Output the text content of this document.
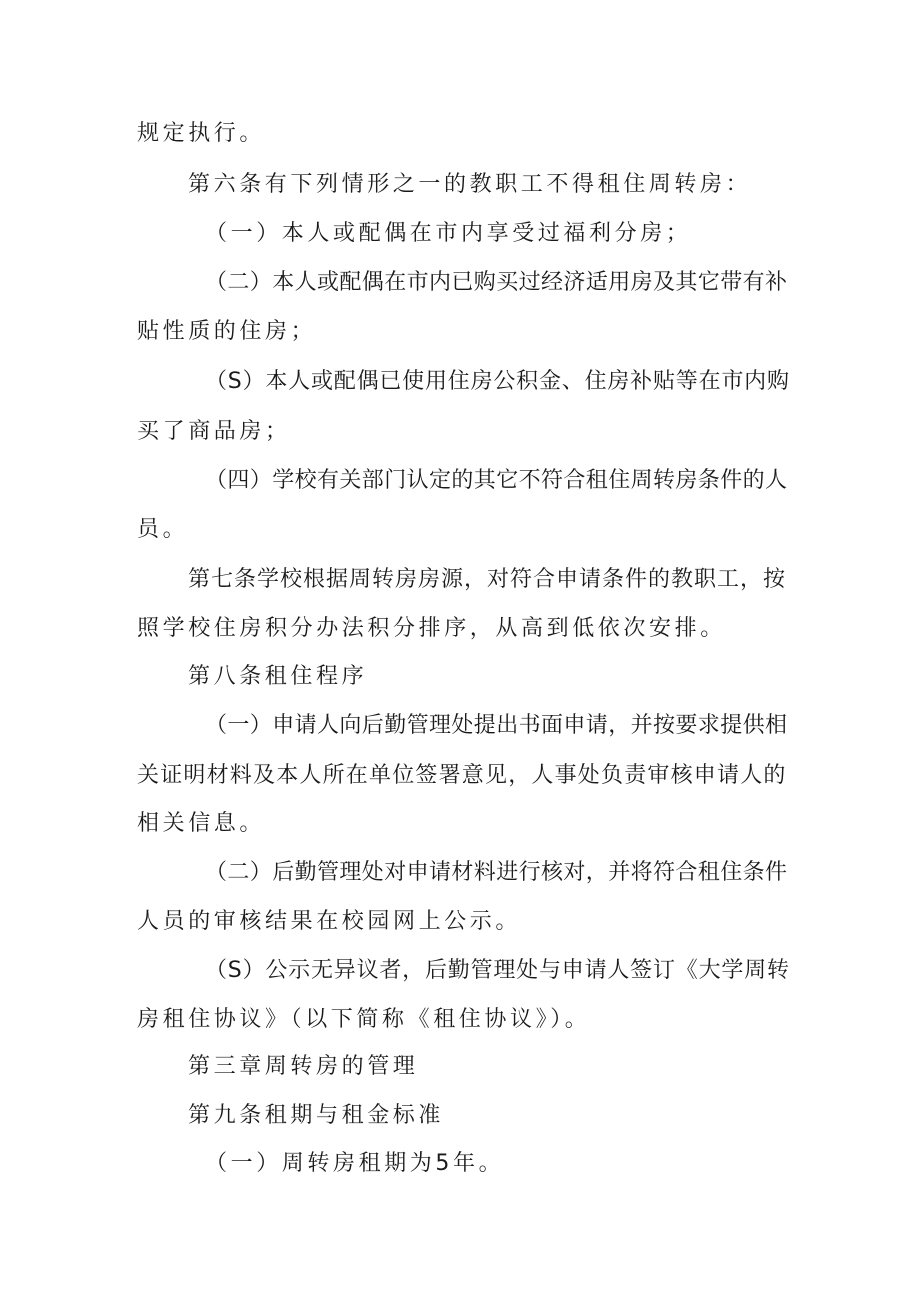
规定执行。
第六条有下列情形之一的教职工不得租住周转房：
（一）本人或配偶在市内享受过福利分房；
（二）本人或配偶在市内已购买过经济适用房及其它带有补
贴性质的住房；
（S）本人或配偶已使用住房公积金、住房补贴等在市内购
买了商品房；
（四）学校有关部门认定的其它不符合租住周转房条件的人
员。
第七条学校根据周转房房源，对符合申请条件的教职工，按
照学校住房积分办法积分排序，从高到低依次安排。
第八条租住程序
（一）申请人向后勤管理处提出书面申请，并按要求提供相
关证明材料及本人所在单位签署意见，人事处负责审核申请人的
相关信息。
（二）后勤管理处对申请材料进行核对，并将符合租住条件
人员的审核结果在校园网上公示。
（S）公示无异议者，后勤管理处与申请人签订《大学周转
房租住协议》（以下简称《租住协议》）。
第三章周转房的管理
第九条租期与租金标准
（一）周转房租期为5年。
